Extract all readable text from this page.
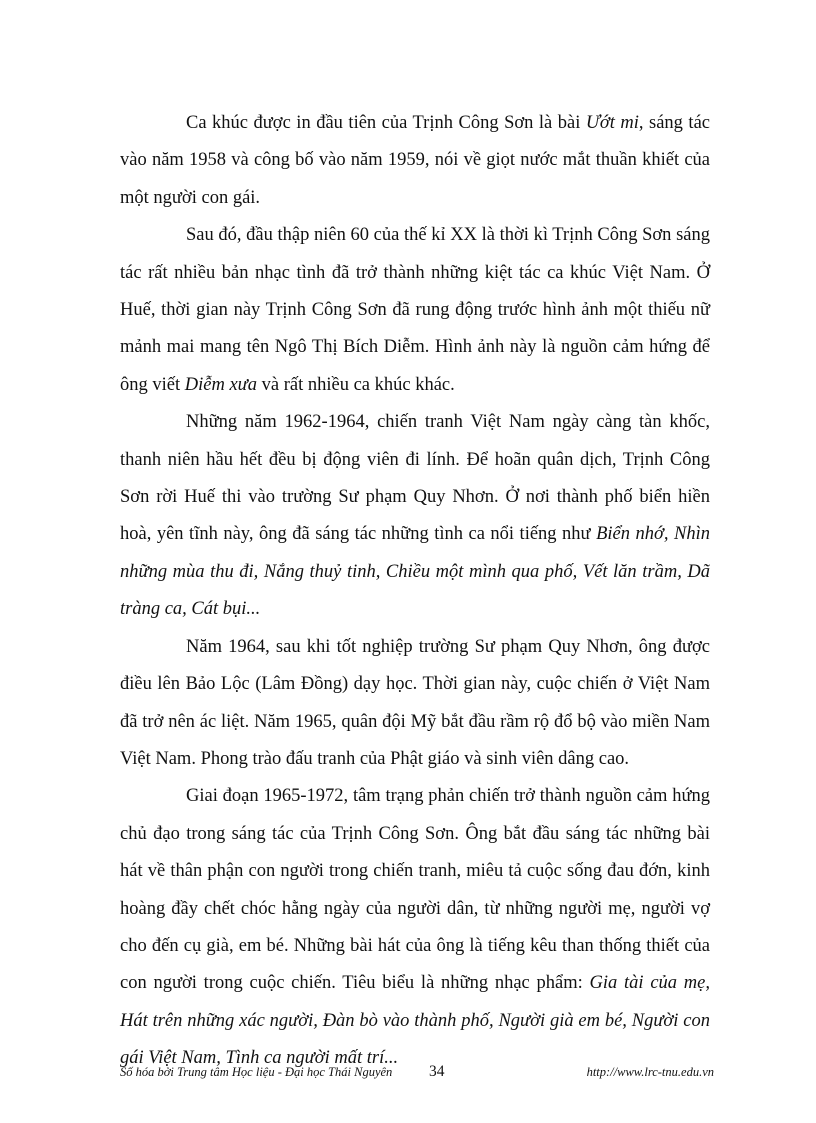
Ca khúc được in đầu tiên của Trịnh Công Sơn là bài Ướt mi, sáng tác vào năm 1958 và công bố vào năm 1959, nói về giọt nước mắt thuần khiết của một người con gái.

Sau đó, đầu thập niên 60 của thế kỉ XX là thời kì Trịnh Công Sơn sáng tác rất nhiều bản nhạc tình đã trở thành những kiệt tác ca khúc Việt Nam. Ở Huế, thời gian này Trịnh Công Sơn đã rung động trước hình ảnh một thiếu nữ mảnh mai mang tên Ngô Thị Bích Diễm. Hình ảnh này là nguồn cảm hứng để ông viết Diễm xưa và rất nhiều ca khúc khác.

Những năm 1962-1964, chiến tranh Việt Nam ngày càng tàn khốc, thanh niên hầu hết đều bị động viên đi lính. Để hoãn quân dịch, Trịnh Công Sơn rời Huế thi vào trường Sư phạm Quy Nhơn. Ở nơi thành phố biển hiền hoà, yên tĩnh này, ông đã sáng tác những tình ca nổi tiếng như Biển nhớ, Nhìn những mùa thu đi, Nắng thuỷ tinh, Chiều một mình qua phố, Vết lăn trầm, Dã tràng ca, Cát bụi...

Năm 1964, sau khi tốt nghiệp trường Sư phạm Quy Nhơn, ông được điều lên Bảo Lộc (Lâm Đồng) dạy học. Thời gian này, cuộc chiến ở Việt Nam đã trở nên ác liệt. Năm 1965, quân đội Mỹ bắt đầu rầm rộ đổ bộ vào miền Nam Việt Nam. Phong trào đấu tranh của Phật giáo và sinh viên dâng cao.

Giai đoạn 1965-1972, tâm trạng phản chiến trở thành nguồn cảm hứng chủ đạo trong sáng tác của Trịnh Công Sơn. Ông bắt đầu sáng tác những bài hát về thân phận con người trong chiến tranh, miêu tả cuộc sống đau đớn, kinh hoàng đầy chết chóc hằng ngày của người dân, từ những người mẹ, người vợ cho đến cụ già, em bé. Những bài hát của ông là tiếng kêu than thống thiết của con người trong cuộc chiến. Tiêu biểu là những nhạc phẩm: Gia tài của mẹ, Hát trên những xác người, Đàn bò vào thành phố, Người già em bé, Người con gái Việt Nam, Tình ca người mất trí...

Số hóa bởi Trung tâm Học liệu - Đại học Thái Nguyên 34	http://www.lrc-tnu.edu.vn
